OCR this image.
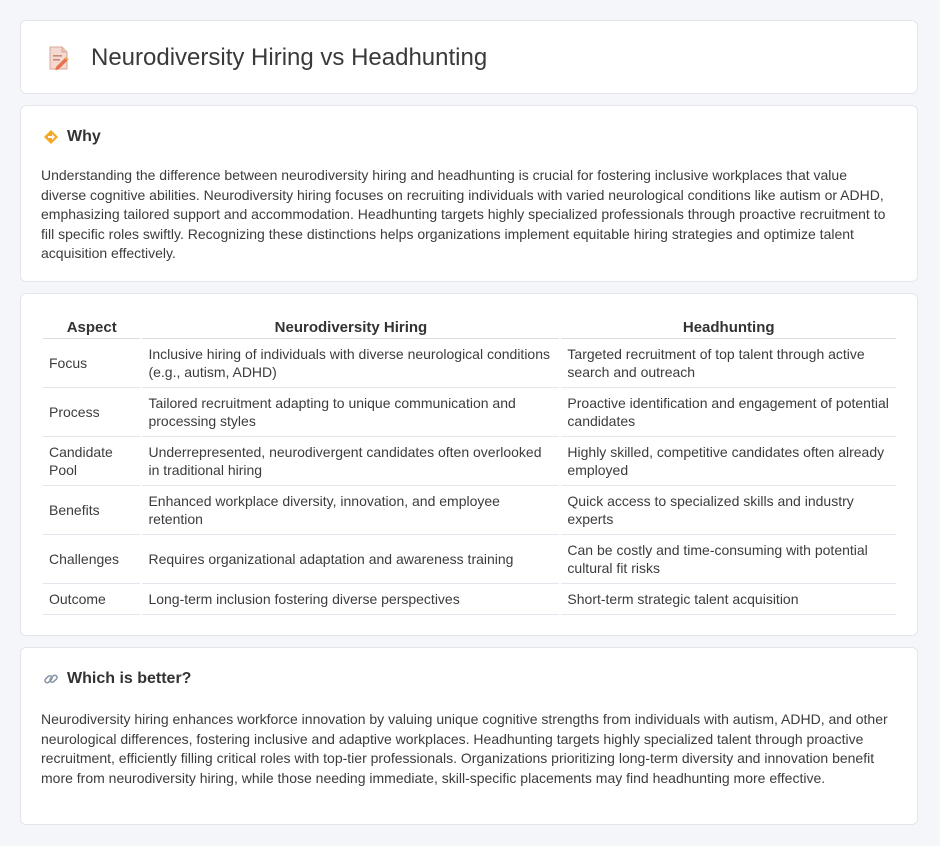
Neurodiversity Hiring vs Headhunting
Why

Understanding the difference between neurodiversity hiring and headhunting is crucial for fostering inclusive workplaces that value diverse cognitive abilities. Neurodiversity hiring focuses on recruiting individuals with varied neurological conditions like autism or ADHD, emphasizing tailored support and accommodation. Headhunting targets highly specialized professionals through proactive recruitment to fill specific roles swiftly. Recognizing these distinctions helps organizations implement equitable hiring strategies and optimize talent acquisition effectively.

Aspect	Neurodiversity Hiring	Headhunting
Focus	Inclusive hiring of individuals with diverse neurological conditions (e.g., autism, ADHD)	Targeted recruitment of top talent through active search and outreach
Process	Tailored recruitment adapting to unique communication and processing styles	Proactive identification and engagement of potential candidates
Candidate Pool	Underrepresented, neurodivergent candidates often overlooked in traditional hiring	Highly skilled, competitive candidates often already employed
Benefits	Enhanced workplace diversity, innovation, and employee retention	Quick access to specialized skills and industry experts
Challenges	Requires organizational adaptation and awareness training	Can be costly and time-consuming with potential cultural fit risks
Outcome	Long-term inclusion fostering diverse perspectives	Short-term strategic talent acquisition
Which is better?

Neurodiversity hiring enhances workforce innovation by valuing unique cognitive strengths from individuals with autism, ADHD, and other neurological differences, fostering inclusive and adaptive workplaces. Headhunting targets highly specialized talent through proactive recruitment, efficiently filling critical roles with top-tier professionals. Organizations prioritizing long-term diversity and innovation benefit more from neurodiversity hiring, while those needing immediate, skill-specific placements may find headhunting more effective.
